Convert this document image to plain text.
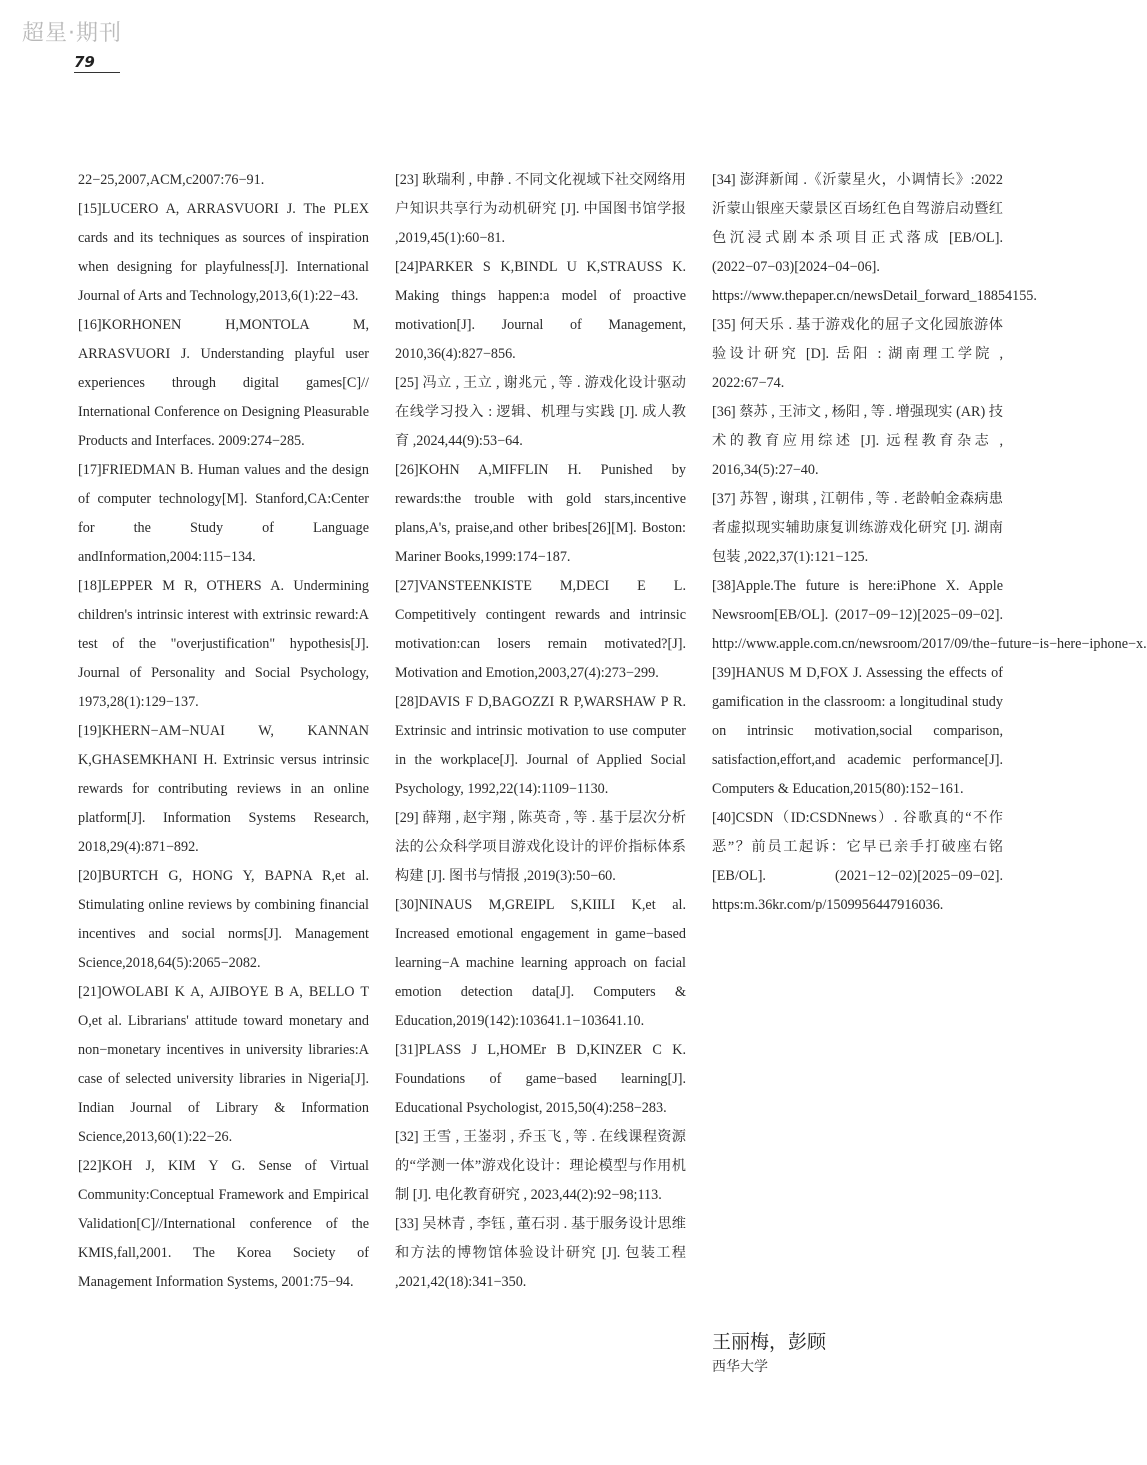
超星·期刊
79

22−25,2007,ACM,c2007:76−91.

[15]LUCERO A, ARRASVUORI J. The PLEX cards and its techniques as sources of inspiration when designing for playfulness[J]. International Journal of Arts and Technology,2013,6(1):22−43.

[16]KORHONEN H,MONTOLA M, ARRASVUORI J. Understanding playful user experiences through digital games[C]// International Conference on Designing Pleasurable Products and Interfaces. 2009:274−285.

[17]FRIEDMAN B. Human values and the design of computer technology[M]. Stanford,CA:Center for the Study of Language andInformation,2004:115−134.

[18]LEPPER M R, OTHERS A. Undermining children's intrinsic interest with extrinsic reward:A test of the "overjustification" hypothesis[J]. Journal of Personality and Social Psychology, 1973,28(1):129−137.

[19]KHERN−AM−NUAI W, KANNAN K,GHASEMKHANI H. Extrinsic versus intrinsic rewards for contributing reviews in an online platform[J]. Information Systems Research, 2018,29(4):871−892.

[20]BURTCH G, HONG Y, BAPNA R,et al. Stimulating online reviews by combining financial incentives and social norms[J]. Management Science,2018,64(5):2065−2082.

[21]OWOLABI K A, AJIBOYE B A, BELLO T O,et al. Librarians' attitude toward monetary and non−monetary incentives in university libraries:A case of selected university libraries in Nigeria[J]. Indian Journal of Library & Information Science,2013,60(1):22−26.

[22]KOH J, KIM Y G. Sense of Virtual Community:Conceptual Framework and Empirical Validation[C]//International conference of the KMIS,fall,2001. The Korea Society of Management Information Systems, 2001:75−94.

[23] 耿瑞利 , 申静 . 不同文化视域下社交网络用户知识共享行为动机研究 [J]. 中国图书馆学报 ,2019,45(1):60−81.

[24]PARKER S K,BINDL U K,STRAUSS K. Making things happen:a model of proactive motivation[J]. Journal of Management, 2010,36(4):827−856.

[25] 冯立 , 王立 , 谢兆元 , 等 . 游戏化设计驱动在线学习投入 : 逻辑、机理与实践 [J]. 成人教育 ,2024,44(9):53−64.

[26]KOHN A,MIFFLIN H. Punished by rewards:the trouble with gold stars,incentive plans,A's, praise,and other bribes[26][M]. Boston: Mariner Books,1999:174−187.

[27]VANSTEENKISTE M,DECI E L. Competitively contingent rewards and intrinsic motivation:can losers remain motivated?[J]. Motivation and Emotion,2003,27(4):273−299.

[28]DAVIS F D,BAGOZZI R P,WARSHAW P R. Extrinsic and intrinsic motivation to use computer in the workplace[J]. Journal of Applied Social Psychology, 1992,22(14):1109−1130.

[29] 薛翔 , 赵宇翔 , 陈英奇 , 等 . 基于层次分析法的公众科学项目游戏化设计的评价指标体系构建 [J]. 图书与情报 ,2019(3):50−60.

[30]NINAUS M,GREIPL S,KIILI K,et al. Increased emotional engagement in game−based learning−A machine learning approach on facial emotion detection data[J]. Computers & Education,2019(142):103641.1−103641.10.

[31]PLASS J L,HOMEr B D,KINZER C K. Foundations of game−based learning[J]. Educational Psychologist, 2015,50(4):258−283.

[32] 王雪 , 王崟羽 , 乔玉飞 , 等 . 在线课程资源的“学测一体”游戏化设计：理论模型与作用机制 [J]. 电化教育研究 , 2023,44(2):92−98;113.

[33] 吴林青 , 李钰 , 董石羽 . 基于服务设计思维和方法的博物馆体验设计研究 [J]. 包装工程 ,2021,42(18):341−350.

[34] 澎湃新闻 .《沂蒙星火，小调情长》:2022 沂蒙山银座天蒙景区百场红色自驾游启动暨红色沉浸式剧本杀项目正式落成 [EB/OL]. (2022−07−03)[2024−04−06]. https://www.thepaper.cn/newsDetail_forward_18854155.

[35] 何天乐 . 基于游戏化的屈子文化园旅游体验设计研究 [D]. 岳阳 : 湖南理工学院 , 2022:67−74.

[36] 蔡苏 , 王沛文 , 杨阳 , 等 . 增强现实 (AR) 技术的教育应用综述 [J]. 远程教育杂志 , 2016,34(5):27−40.

[37] 苏智 , 谢琪 , 江朝伟 , 等 . 老龄帕金森病患者虚拟现实辅助康复训练游戏化研究 [J]. 湖南包装 ,2022,37(1):121−125.

[38]Apple.The future is here:iPhone X. Apple Newsroom[EB/OL]. (2017−09−12)[2025−09−02]. http://www.apple.com.cn/newsroom/2017/09/the−future−is−here−iphone−x.

[39]HANUS M D,FOX J. Assessing the effects of gamification in the classroom: a longitudinal study on intrinsic motivation,social comparison, satisfaction,effort,and academic performance[J]. Computers & Education,2015(80):152−161.

[40]CSDN（ID:CSDNnews）. 谷歌真的“不作恶”？前员工起诉：它早已亲手打破座右铭 [EB/OL]. (2021−12−02)[2025−09−02]. https:m.36kr.com/p/1509956447916036.

王丽梅，彭顾
西华大学
